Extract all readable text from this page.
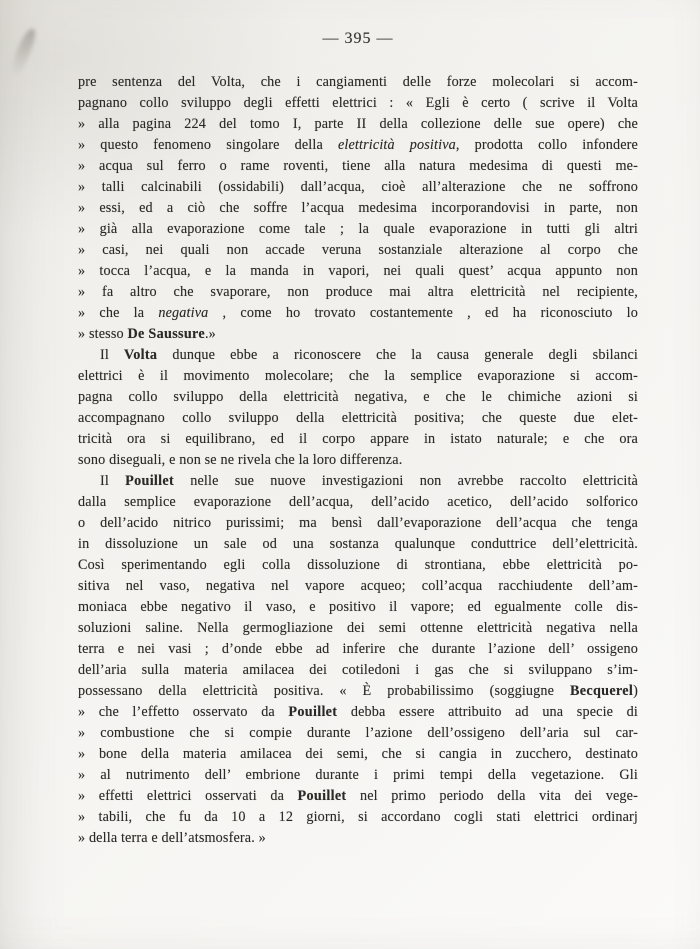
— 395 —
pre sentenza del Volta, che i cangiamenti delle forze molecolari si accom-
pagnano collo sviluppo degli effetti elettrici : « Egli è certo ( scrive il Volta
» alla pagina 224 del tomo I, parte II della collezione delle sue opere) che
» questo fenomeno singolare della elettricità positiva, prodotta collo infondere
» acqua sul ferro o rame roventi, tiene alla natura medesima di questi me-
» talli calcinabili (ossidabili) dall’acqua, cioè all’alterazione che ne soffrono
» essi, ed a ciò che soffre l’acqua medesima incorporandovisi in parte, non
» già alla evaporazione come tale ; la quale evaporazione in tutti gli altri
» casi, nei quali non accade veruna sostanziale alterazione al corpo che
» tocca l’acqua, e la manda in vapori, nei quali quest’ acqua appunto non
» fa altro che svaporare, non produce mai altra elettricità nel recipiente,
» che la negativa , come ho trovato costantemente , ed ha riconosciuto lo
» stesso De Saussure.»
Il Volta dunque ebbe a riconoscere che la causa generale degli sbilanci
elettrici è il movimento molecolare; che la semplice evaporazione si accom-
pagna collo sviluppo della elettricità negativa, e che le chimiche azioni si
accompagnano collo sviluppo della elettricità positiva; che queste due elet-
tricità ora si equilibrano, ed il corpo appare in istato naturale; e che ora
sono diseguali, e non se ne rivela che la loro differenza.
Il Pouillet nelle sue nuove investigazioni non avrebbe raccolto elettricità
dalla semplice evaporazione dell’acqua, dell’acido acetico, dell’acido solforico
o dell’acido nitrico purissimi; ma bensì dall’evaporazione dell’acqua che tenga
in dissoluzione un sale od una sostanza qualunque conduttrice dell’elettricità.
Così sperimentando egli colla dissoluzione di strontiana, ebbe elettricità po-
sitiva nel vaso, negativa nel vapore acqueo; coll’acqua racchiudente dell’am-
moniaca ebbe negativo il vaso, e positivo il vapore; ed egualmente colle dis-
soluzioni saline. Nella germogliazione dei semi ottenne elettricità negativa nella
terra e nei vasi ; d’onde ebbe ad inferire che durante l’azione dell’ ossigeno
dell’aria sulla materia amilacea dei cotiledoni i gas che si sviluppano s’im-
possessano della elettricità positiva. « È probabilissimo (soggiugne Becquerel)
» che l’effetto osservato da Pouillet debba essere attribuito ad una specie di
» combustione che si compie durante l’azione dell’ossigeno dell’aria sul car-
» bone della materia amilacea dei semi, che si cangia in zucchero, destinato
» al nutrimento dell’ embrione durante i primi tempi della vegetazione. Gli
» effetti elettrici osservati da Pouillet nel primo periodo della vita dei vege-
» tabili, che fu da 10 a 12 giorni, si accordano cogli stati elettrici ordinarj
» della terra e dell’atsmosfera. »
